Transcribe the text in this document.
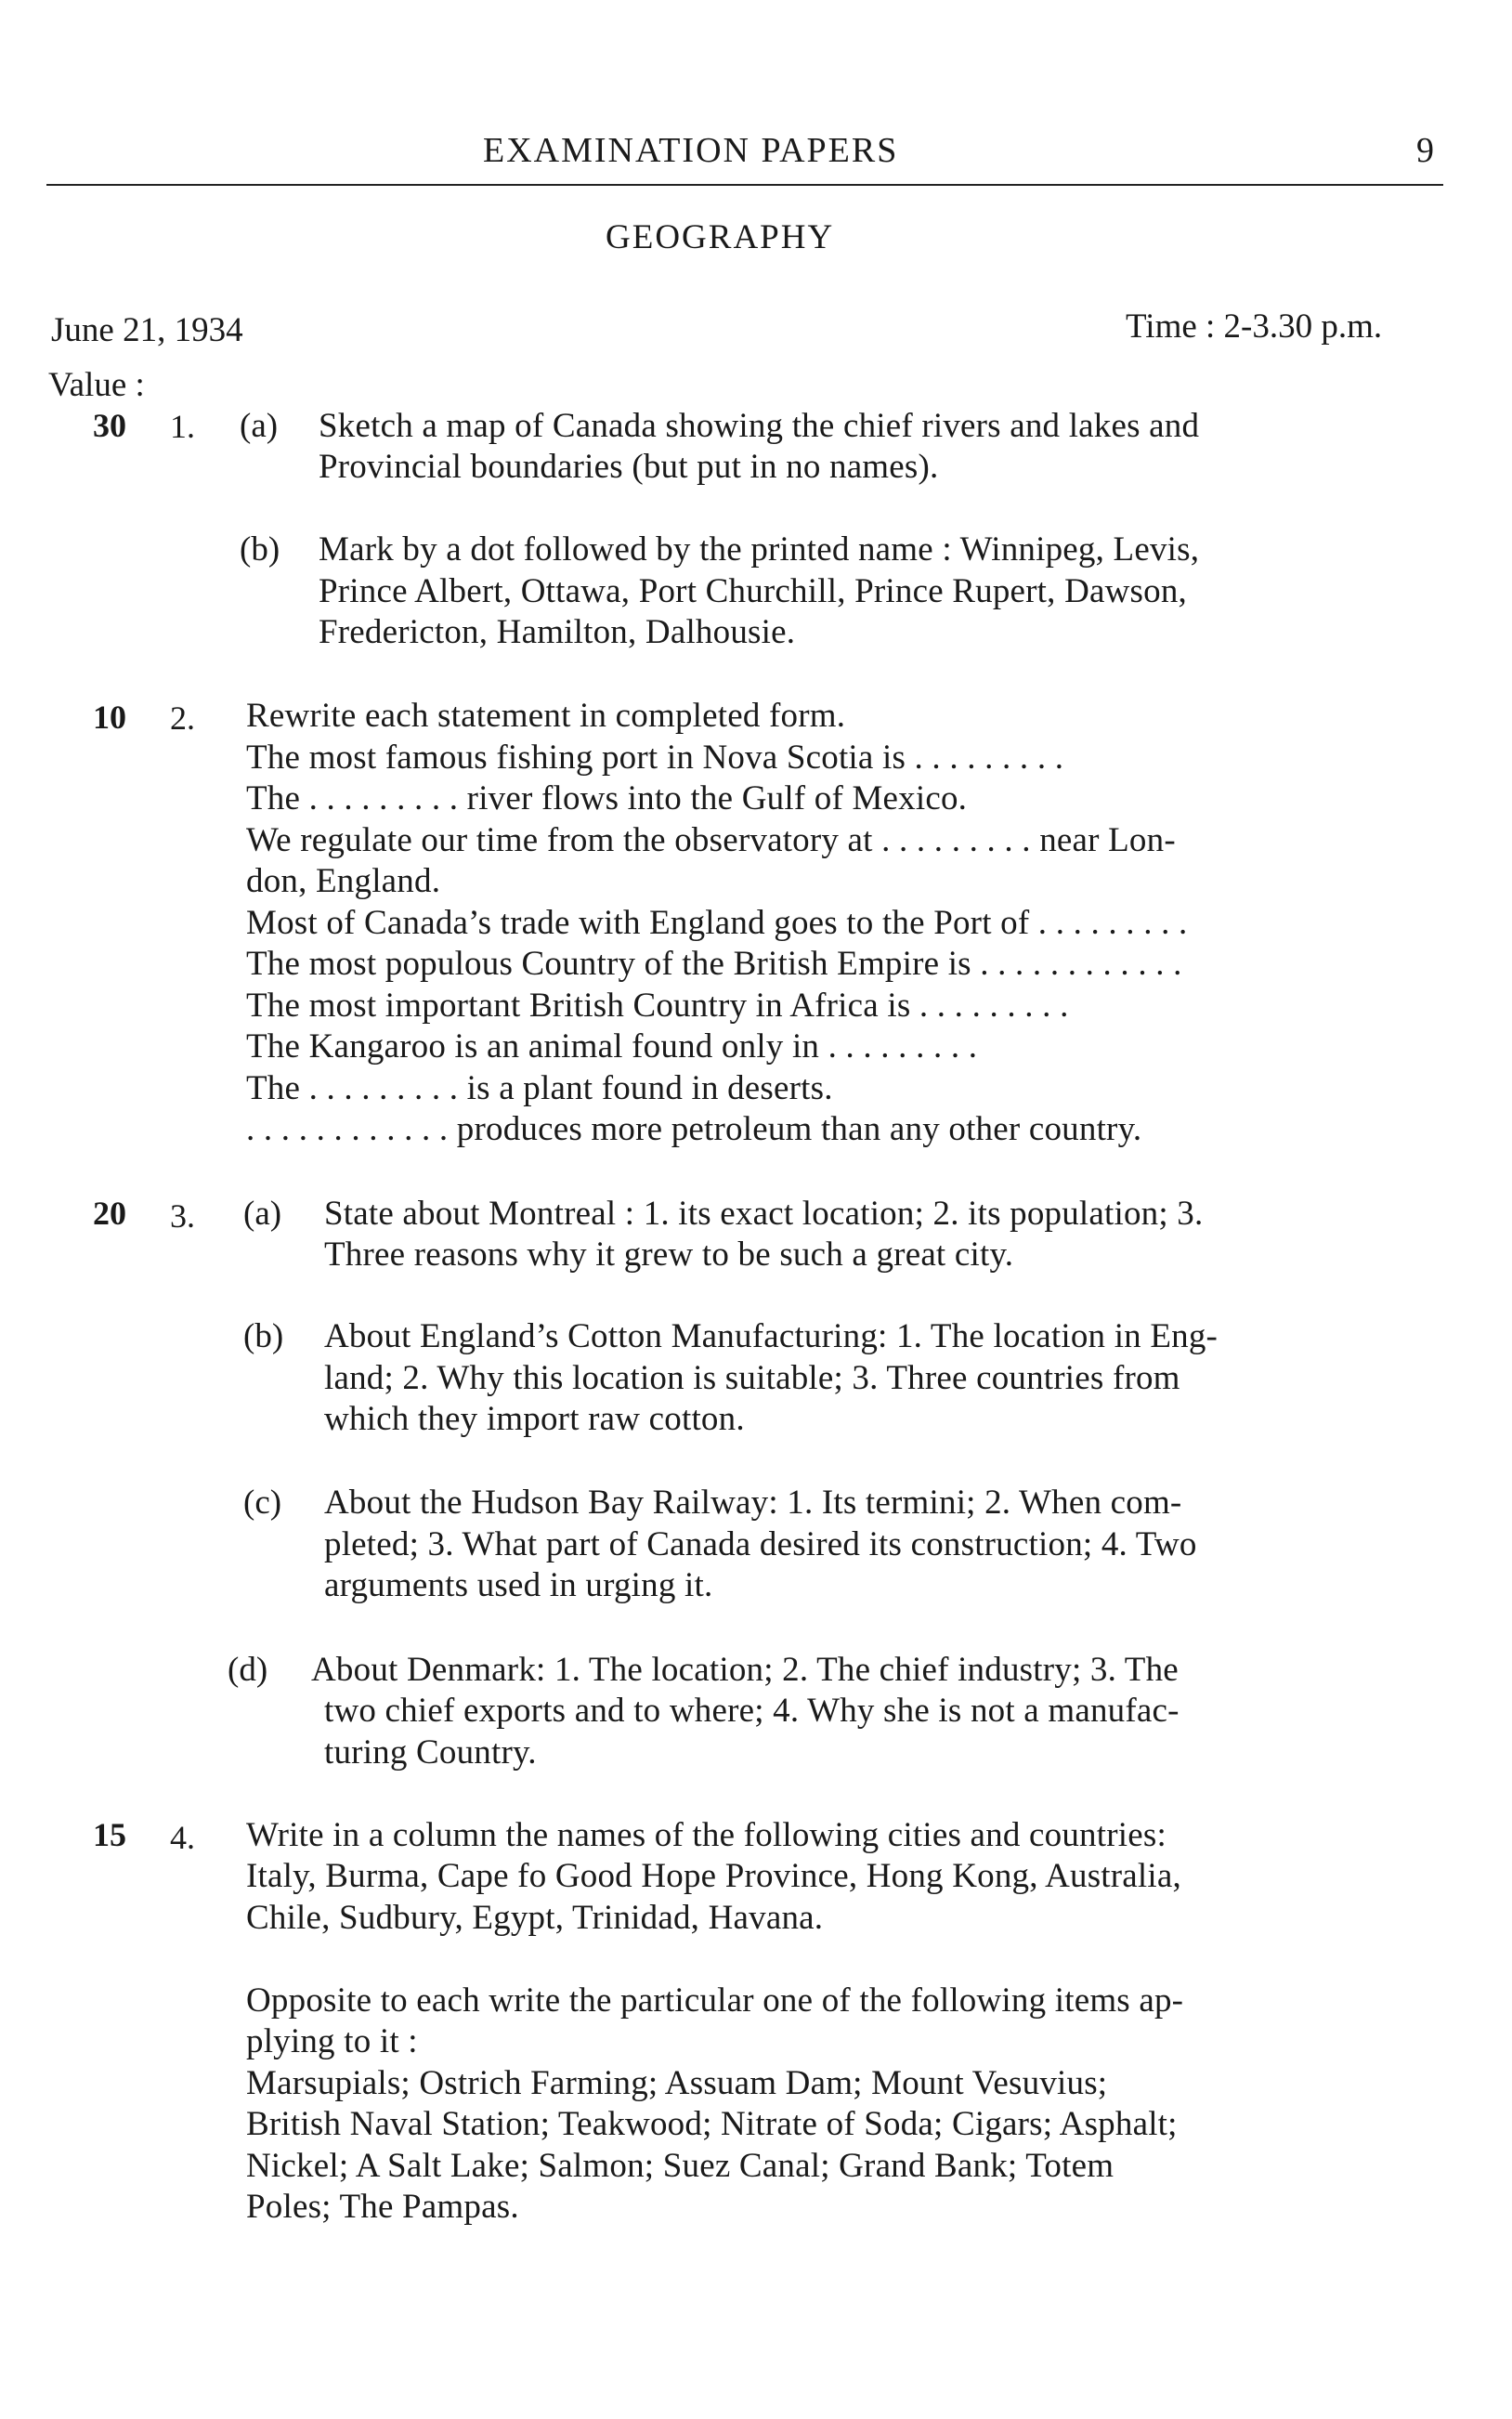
EXAMINATION PAPERS	9
GEOGRAPHY
June 21, 1934	Time : 2-3.30 p.m.
Value :
30 1. (a) Sketch a map of Canada showing the chief rivers and lakes and
Provincial boundaries (but put in no names).
(b) Mark by a dot followed by the printed name : Winnipeg, Levis,
Prince Albert, Ottawa, Port Churchill, Prince Rupert, Dawson,
Fredericton, Hamilton, Dalhousie.
10 2. Rewrite each statement in completed form.
The most famous fishing port in Nova Scotia is . . . . . . . . .
The . . . . . . . . . river flows into the Gulf of Mexico.
We regulate our time from the observatory at . . . . . . . . . near Lon-
don, England.
Most of Canada’s trade with England goes to the Port of . . . . . . . . .
The most populous Country of the British Empire is . . . . . . . . . . . .
The most important British Country in Africa is . . . . . . . . .
The Kangaroo is an animal found only in . . . . . . . . .
The . . . . . . . . . is a plant found in deserts.
. . . . . . . . . . . . produces more petroleum than any other country.
20 3. (a) State about Montreal : 1. its exact location; 2. its population; 3.
Three reasons why it grew to be such a great city.
(b) About England’s Cotton Manufacturing: 1. The location in Eng-
land; 2. Why this location is suitable; 3. Three countries from
which they import raw cotton.
(c) About the Hudson Bay Railway: 1. Its termini; 2. When com-
pleted; 3. What part of Canada desired its construction; 4. Two
arguments used in urging it.
(d) About Denmark: 1. The location; 2. The chief industry; 3. The
two chief exports and to where; 4. Why she is not a manufac-
turing Country.
15 4. Write in a column the names of the following cities and countries:
Italy, Burma, Cape fo Good Hope Province, Hong Kong, Australia,
Chile, Sudbury, Egypt, Trinidad, Havana.
Opposite to each write the particular one of the following items ap-
plying to it :
Marsupials; Ostrich Farming; Assuam Dam; Mount Vesuvius;
British Naval Station; Teakwood; Nitrate of Soda; Cigars; Asphalt;
Nickel; A Salt Lake; Salmon; Suez Canal; Grand Bank; Totem
Poles; The Pampas.
